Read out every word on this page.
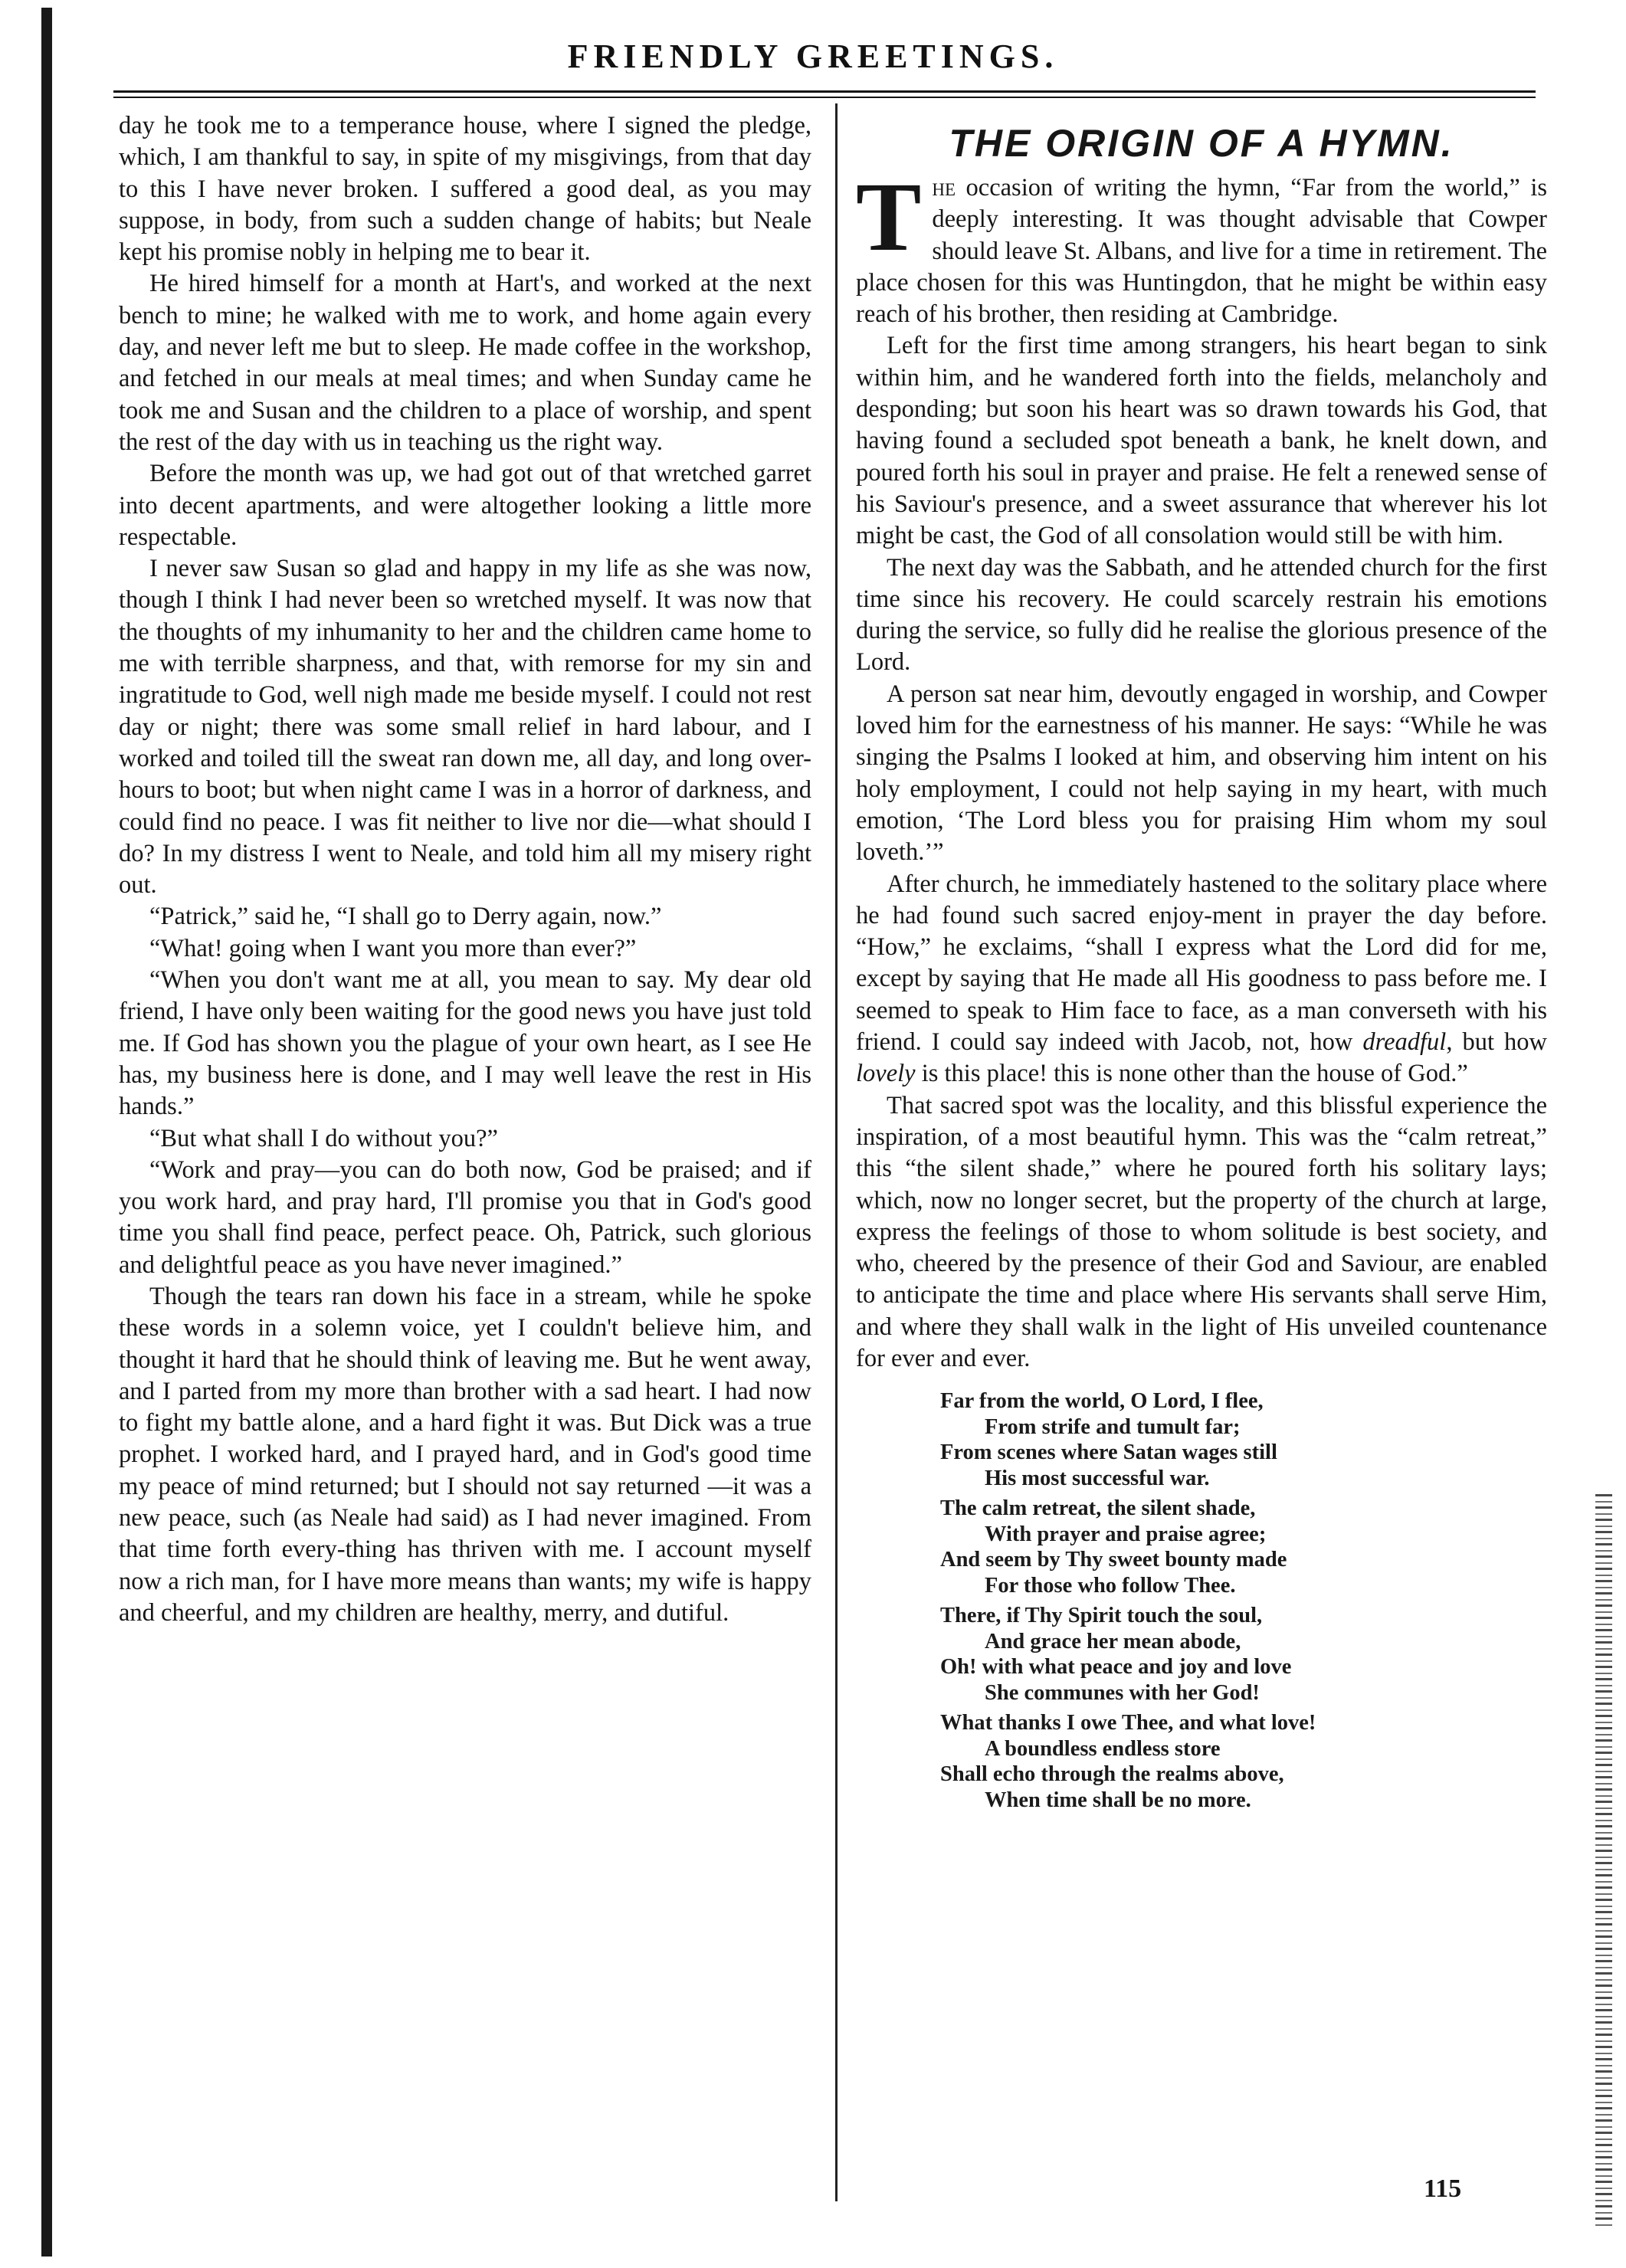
FRIENDLY GREETINGS.

day he took me to a temperance house, where I signed the pledge, which, I am thankful to say, in spite of my misgivings, from that day to this I have never broken. I suffered a good deal, as you may suppose, in body, from such a sudden change of habits; but Neale kept his promise nobly in helping me to bear it.

He hired himself for a month at Hart's, and worked at the next bench to mine; he walked with me to work, and home again every day, and never left me but to sleep. He made coffee in the workshop, and fetched in our meals at meal times; and when Sunday came he took me and Susan and the children to a place of worship, and spent the rest of the day with us in teaching us the right way.

Before the month was up, we had got out of that wretched garret into decent apartments, and were altogether looking a little more respectable.

I never saw Susan so glad and happy in my life as she was now, though I think I had never been so wretched myself. It was now that the thoughts of my inhumanity to her and the children came home to me with terrible sharpness, and that, with remorse for my sin and ingratitude to God, well nigh made me beside myself. I could not rest day or night; there was some small relief in hard labour, and I worked and toiled till the sweat ran down me, all day, and long over-hours to boot; but when night came I was in a horror of darkness, and could find no peace. I was fit neither to live nor die—what should I do? In my distress I went to Neale, and told him all my misery right out.

“Patrick,” said he, “I shall go to Derry again, now.”

“What! going when I want you more than ever?”

“When you don't want me at all, you mean to say. My dear old friend, I have only been waiting for the good news you have just told me. If God has shown you the plague of your own heart, as I see He has, my business here is done, and I may well leave the rest in His hands.”

“But what shall I do without you?”

“Work and pray—you can do both now, God be praised; and if you work hard, and pray hard, I'll promise you that in God's good time you shall find peace, perfect peace. Oh, Patrick, such glorious and delightful peace as you have never imagined.”

Though the tears ran down his face in a stream, while he spoke these words in a solemn voice, yet I couldn't believe him, and thought it hard that he should think of leaving me. But he went away, and I parted from my more than brother with a sad heart. I had now to fight my battle alone, and a hard fight it was. But Dick was a true prophet. I worked hard, and I prayed hard, and in God's good time my peace of mind returned; but I should not say returned —it was a new peace, such (as Neale had said) as I had never imagined. From that time forth every-thing has thriven with me. I account myself now a rich man, for I have more means than wants; my wife is happy and cheerful, and my children are healthy, merry, and dutiful.

THE ORIGIN OF A HYMN.

The occasion of writing the hymn, “Far from the world,” is deeply interesting. It was thought advisable that Cowper should leave St. Albans, and live for a time in retirement. The place chosen for this was Huntingdon, that he might be within easy reach of his brother, then residing at Cambridge.

Left for the first time among strangers, his heart began to sink within him, and he wandered forth into the fields, melancholy and desponding; but soon his heart was so drawn towards his God, that having found a secluded spot beneath a bank, he knelt down, and poured forth his soul in prayer and praise. He felt a renewed sense of his Saviour's presence, and a sweet assurance that wherever his lot might be cast, the God of all consolation would still be with him.

The next day was the Sabbath, and he attended church for the first time since his recovery. He could scarcely restrain his emotions during the service, so fully did he realise the glorious presence of the Lord.

A person sat near him, devoutly engaged in worship, and Cowper loved him for the earnestness of his manner. He says: “While he was singing the Psalms I looked at him, and observing him intent on his holy employment, I could not help saying in my heart, with much emotion, ‘The Lord bless you for praising Him whom my soul loveth.’”

After church, he immediately hastened to the solitary place where he had found such sacred enjoy-ment in prayer the day before. “How,” he exclaims, “shall I express what the Lord did for me, except by saying that He made all His goodness to pass before me. I seemed to speak to Him face to face, as a man converseth with his friend. I could say indeed with Jacob, not, how dreadful, but how lovely is this place! this is none other than the house of God.”

That sacred spot was the locality, and this blissful experience the inspiration, of a most beautiful hymn. This was the “calm retreat,” this “the silent shade,” where he poured forth his solitary lays; which, now no longer secret, but the property of the church at large, express the feelings of those to whom solitude is best society, and who, cheered by the presence of their God and Saviour, are enabled to anticipate the time and place where His servants shall serve Him, and where they shall walk in the light of His unveiled countenance for ever and ever.

Far from the world, O Lord, I flee,
From strife and tumult far;
From scenes where Satan wages still
His most successful war.
The calm retreat, the silent shade,
With prayer and praise agree;
And seem by Thy sweet bounty made
For those who follow Thee.
There, if Thy Spirit touch the soul,
And grace her mean abode,
Oh! with what peace and joy and love
She communes with her God!
What thanks I owe Thee, and what love!
A boundless endless store
Shall echo through the realms above,
When time shall be no more.
115
